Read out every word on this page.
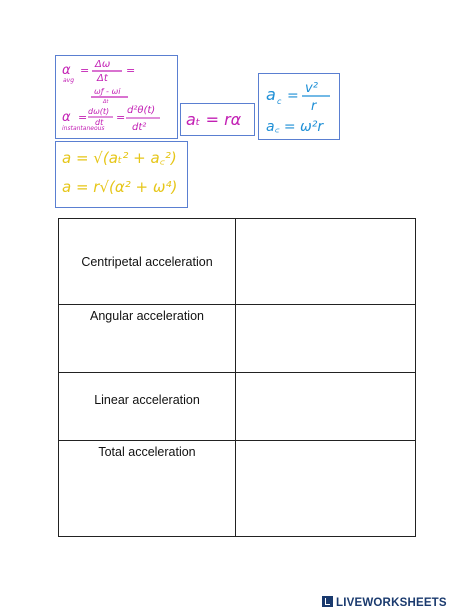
α
avg
= Δω
Δt
=
ωƒ - ωi
Δt
α
instantaneous
= dω(t)
dt =
d²θ(t)
dt² aₜ = rα
a c = v²
r
a꜀ = ω²r
a = √(aₜ² + a꜀²)
a = r√(α² + ω⁴)
Centripetal acceleration	

Angular acceleration	

Linear acceleration	

Total acceleration	

LIVEWORKSHEETS
